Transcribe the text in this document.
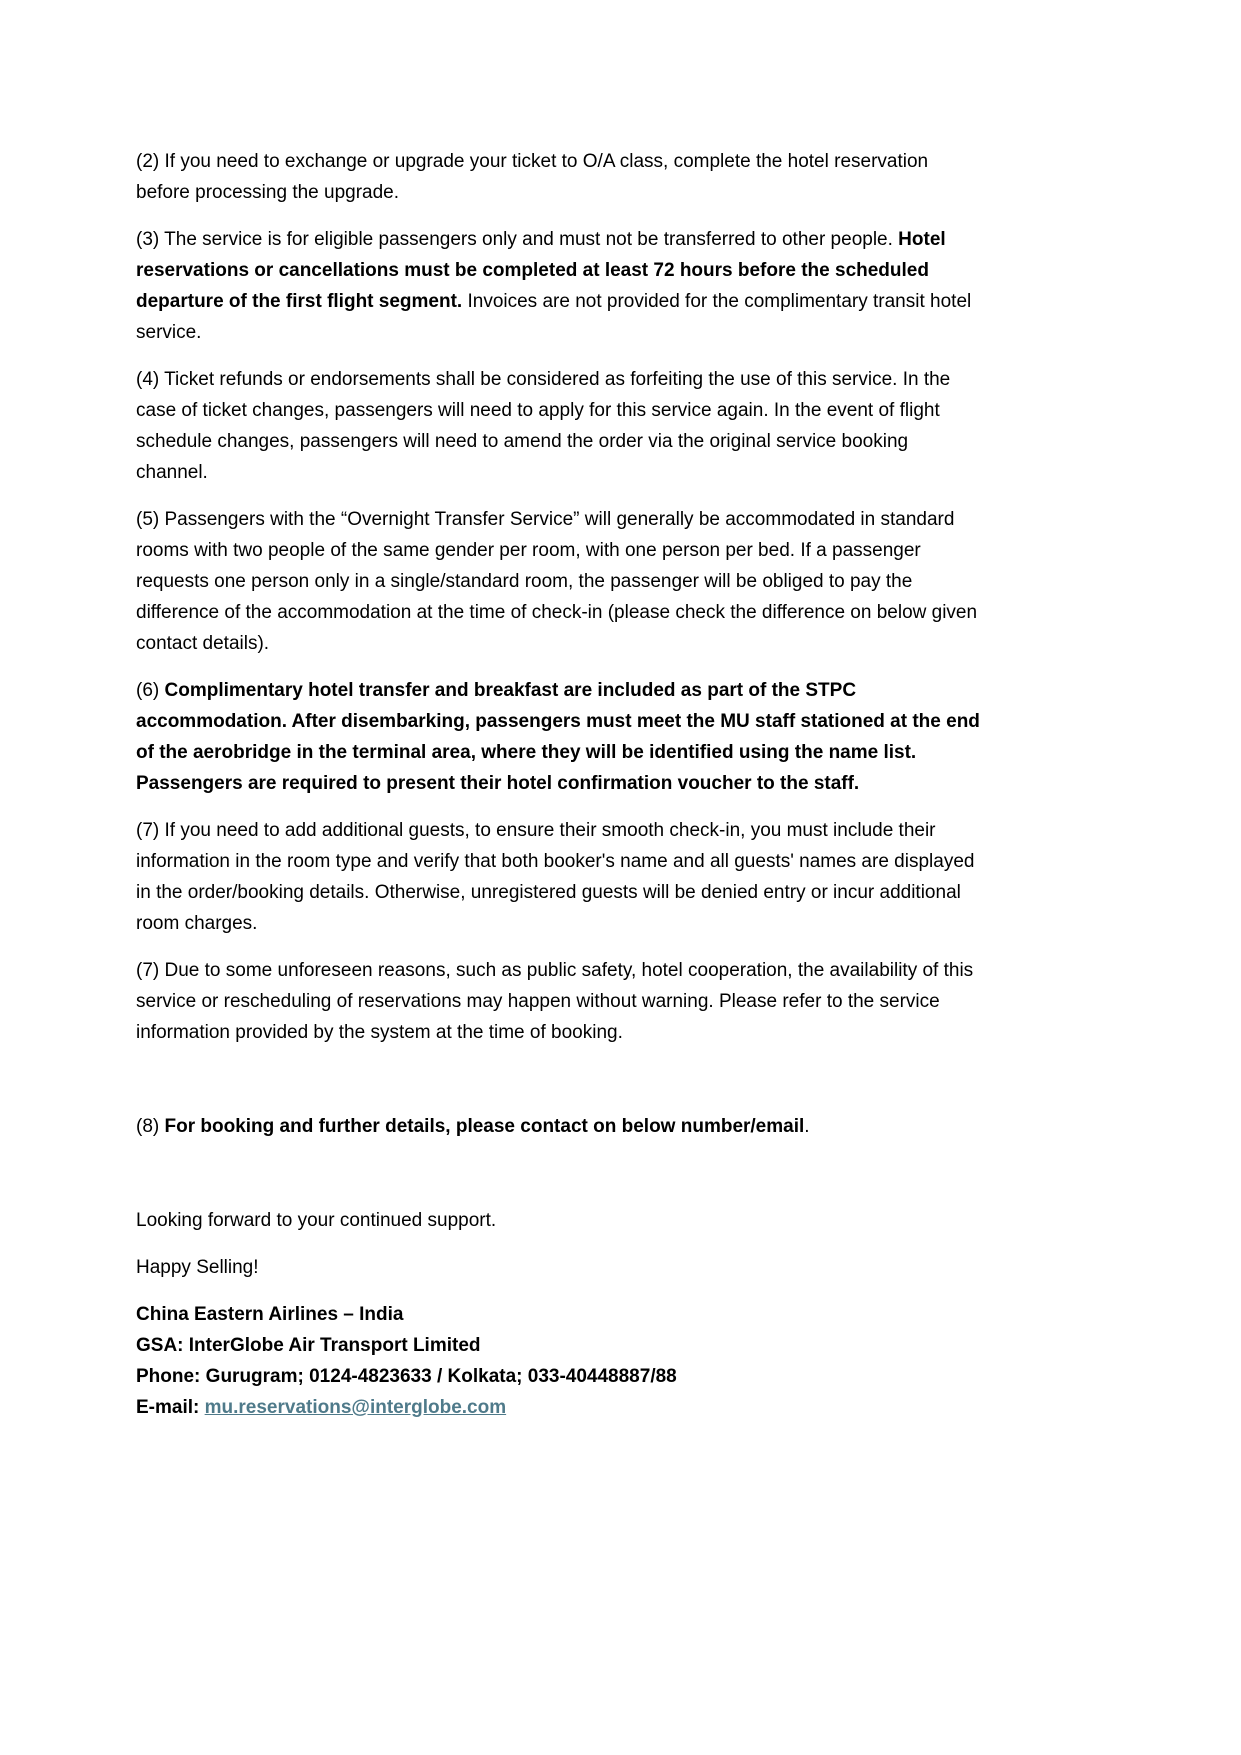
(2) If you need to exchange or upgrade your ticket to O/A class, complete the hotel reservation before processing the upgrade.

(3) The service is for eligible passengers only and must not be transferred to other people. Hotel reservations or cancellations must be completed at least 72 hours before the scheduled departure of the first flight segment. Invoices are not provided for the complimentary transit hotel service.

(4) Ticket refunds or endorsements shall be considered as forfeiting the use of this service. In the case of ticket changes, passengers will need to apply for this service again. In the event of flight schedule changes, passengers will need to amend the order via the original service booking channel.

(5) Passengers with the “Overnight Transfer Service” will generally be accommodated in standard rooms with two people of the same gender per room, with one person per bed. If a passenger requests one person only in a single/standard room, the passenger will be obliged to pay the difference of the accommodation at the time of check-in (please check the difference on below given contact details).

(6) Complimentary hotel transfer and breakfast are included as part of the STPC accommodation. After disembarking, passengers must meet the MU staff stationed at the end of the aerobridge in the terminal area, where they will be identified using the name list. Passengers are required to present their hotel confirmation voucher to the staff.

(7) If you need to add additional guests, to ensure their smooth check-in, you must include their information in the room type and verify that both booker's name and all guests' names are displayed in the order/booking details. Otherwise, unregistered guests will be denied entry or incur additional room charges.

(7) Due to some unforeseen reasons, such as public safety, hotel cooperation, the availability of this service or rescheduling of reservations may happen without warning. Please refer to the service information provided by the system at the time of booking.

(8) For booking and further details, please contact on below number/email.

Looking forward to your continued support.

Happy Selling!

China Eastern Airlines – India
GSA: InterGlobe Air Transport Limited
Phone: Gurugram; 0124-4823633 / Kolkata; 033-40448887/88
E-mail: mu.reservations@interglobe.com
